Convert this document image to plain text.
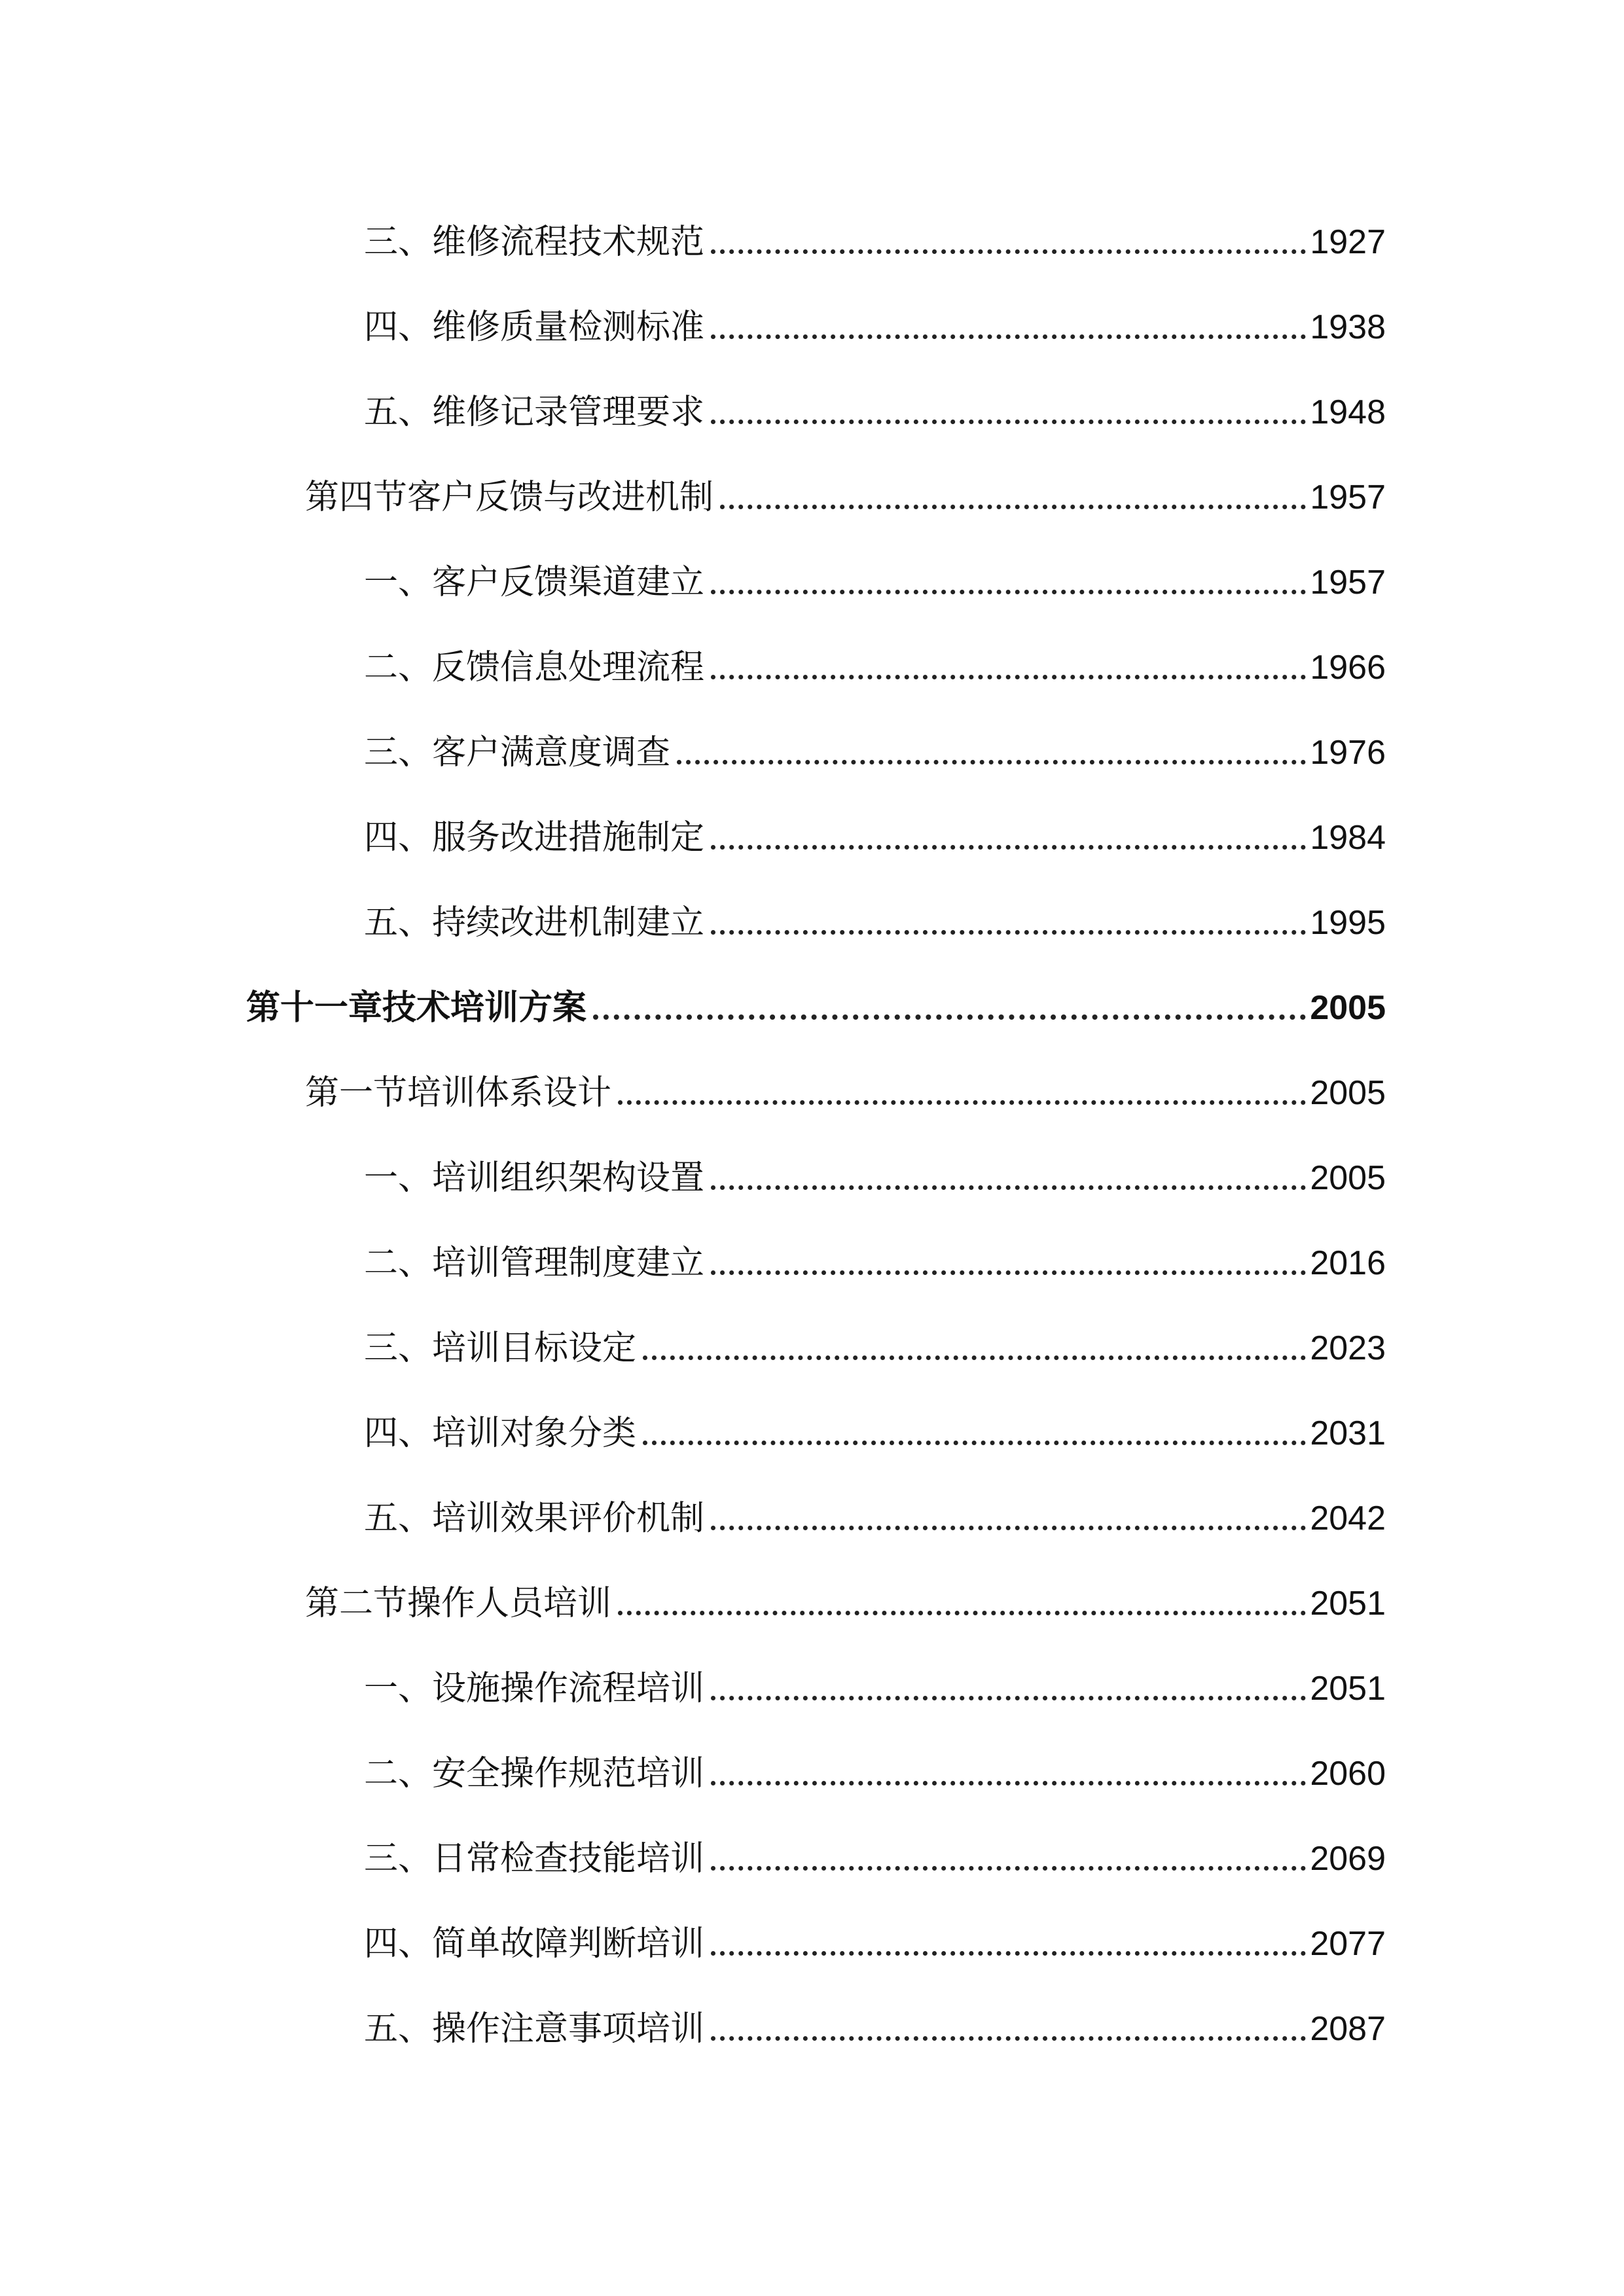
三、维修流程技术规范	1927
四、维修质量检测标准	1938
五、维修记录管理要求	1948
第四节客户反馈与改进机制	1957
一、客户反馈渠道建立	1957
二、反馈信息处理流程	1966
三、客户满意度调查	1976
四、服务改进措施制定	1984
五、持续改进机制建立	1995
第十一章技术培训方案	2005
第一节培训体系设计	2005
一、培训组织架构设置	2005
二、培训管理制度建立	2016
三、培训目标设定	2023
四、培训对象分类	2031
五、培训效果评价机制	2042
第二节操作人员培训	2051
一、设施操作流程培训	2051
二、安全操作规范培训	2060
三、日常检查技能培训	2069
四、简单故障判断培训	2077
五、操作注意事项培训	2087
